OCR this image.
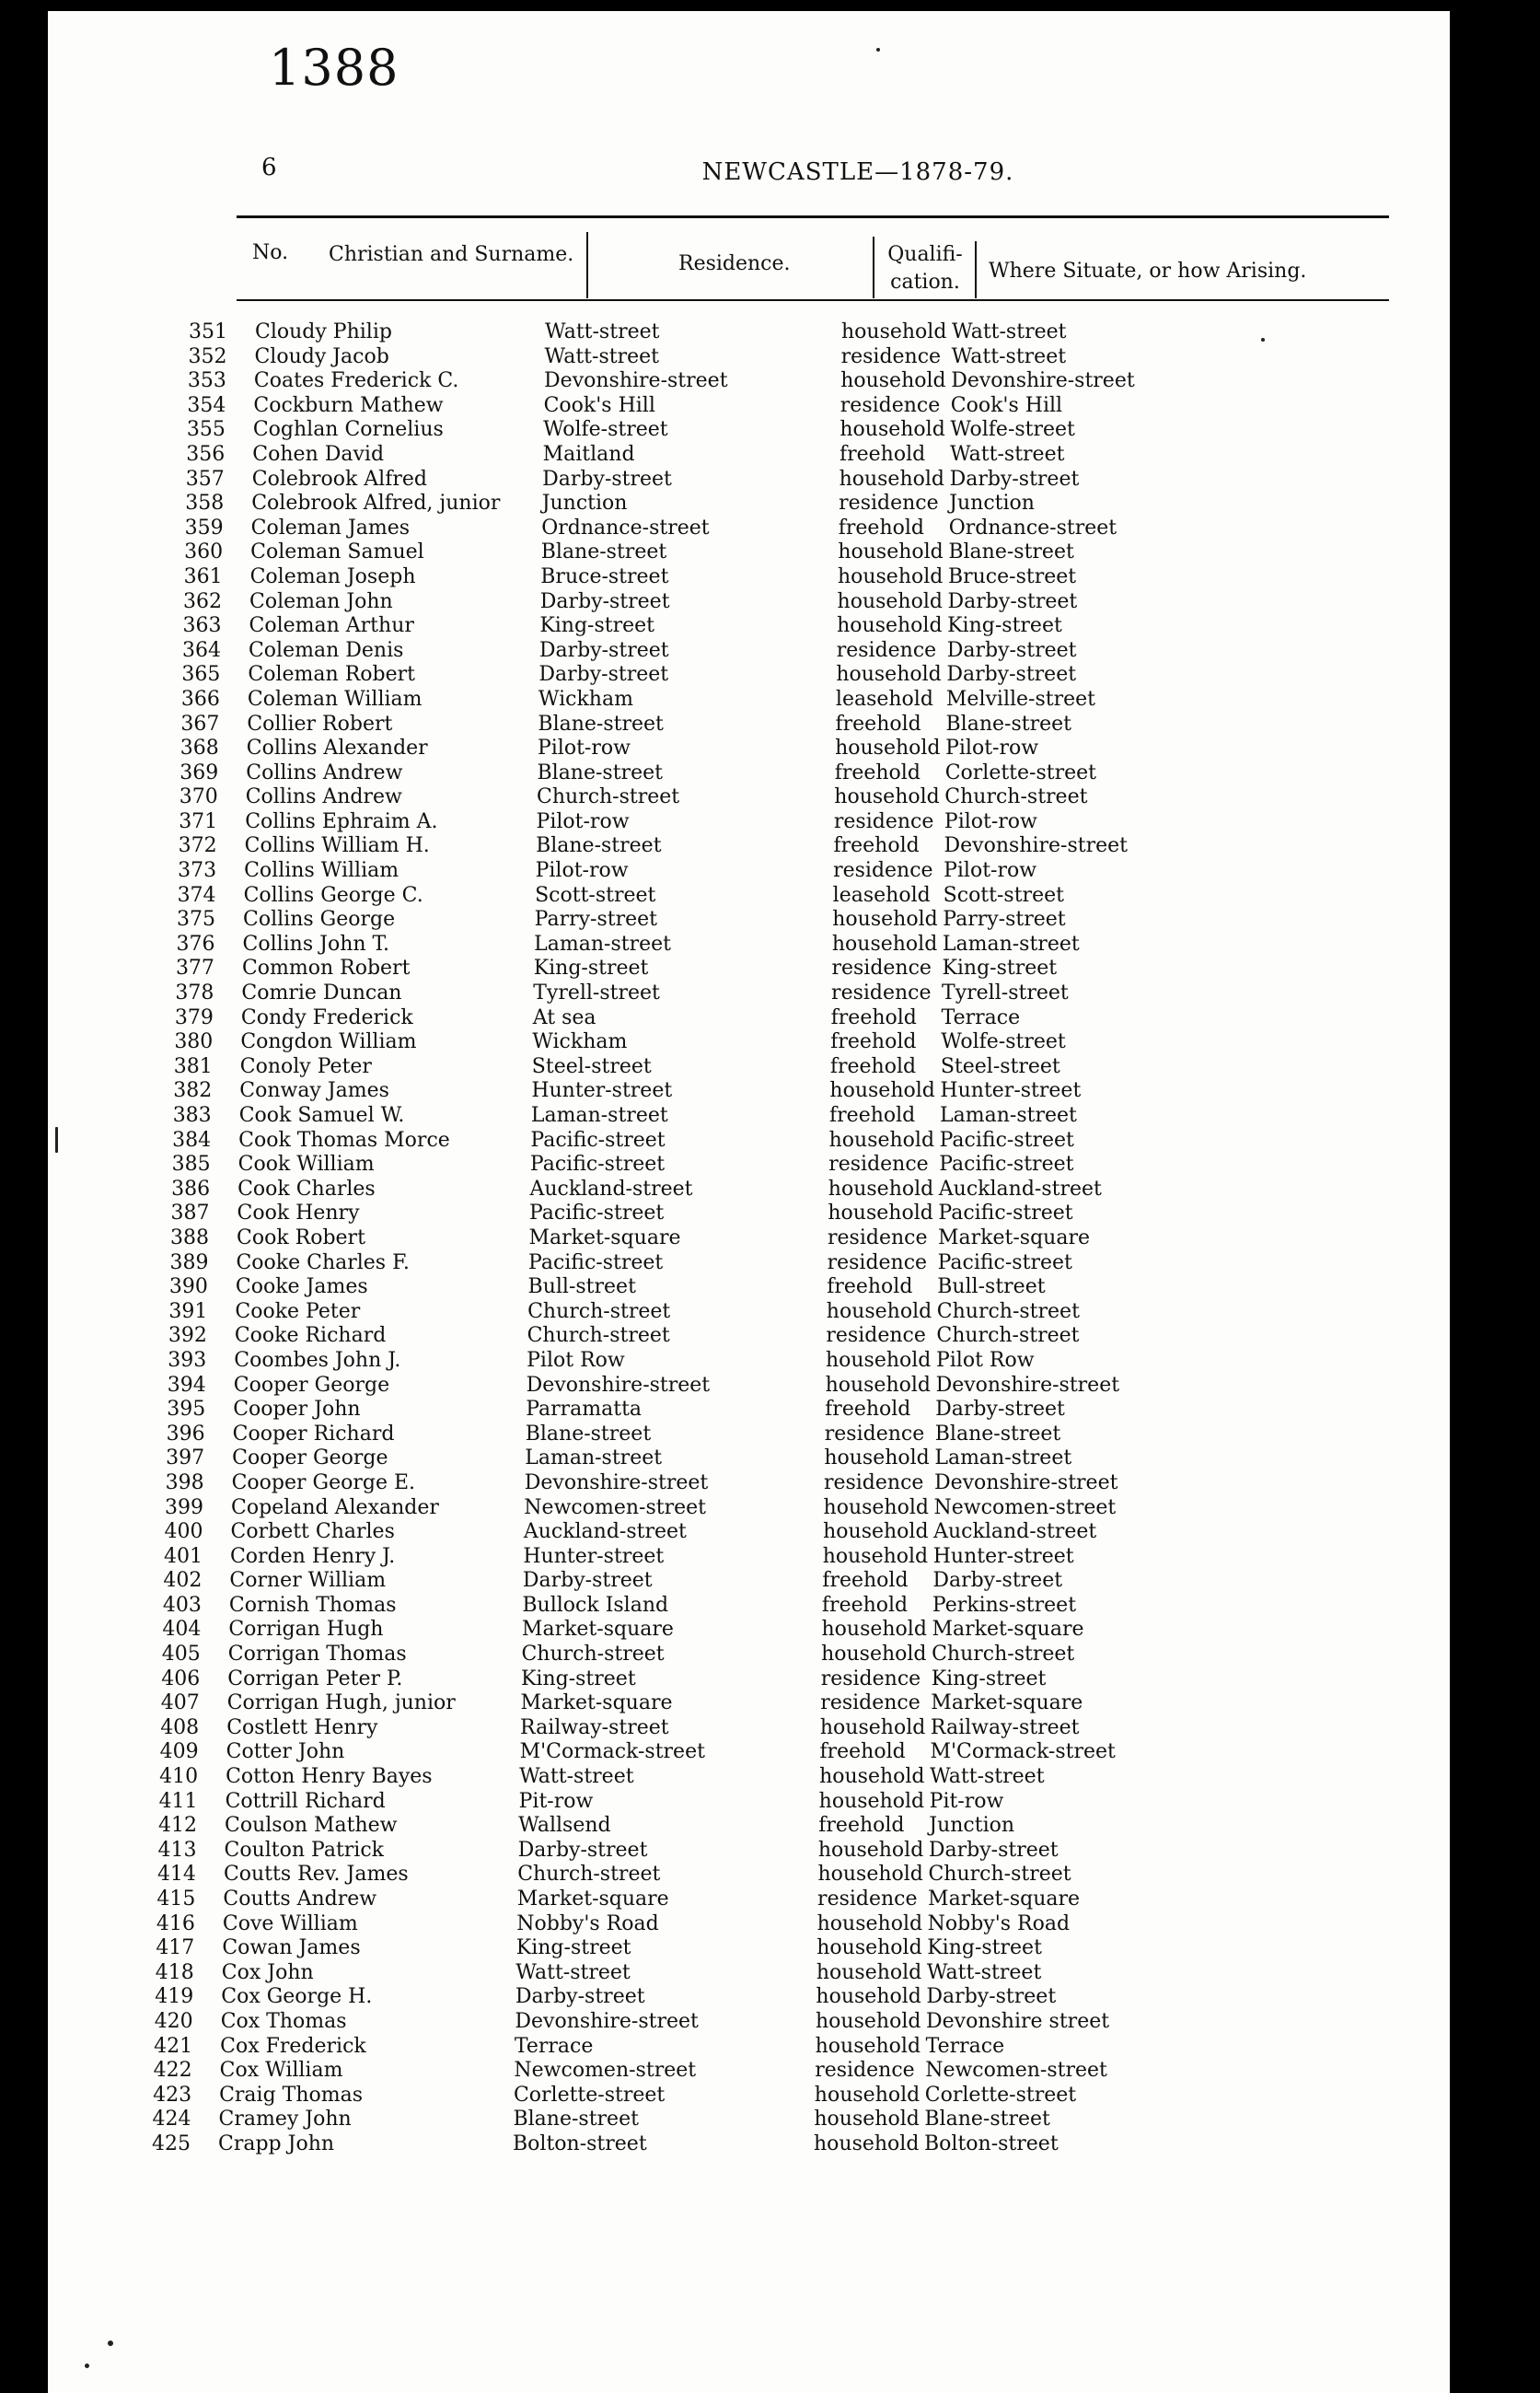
1388
6	NEWCASTLE—1878-79.
No. Christian and Surname.	Residence.	Qualifi-
cation.	Where Situate, or how Arising.
351 Cloudy Philip	Watt-street	household Watt-street
352 Cloudy Jacob	Watt-street	residence Watt-street
353 Coates Frederick C.	Devonshire-street	household Devonshire-street
354 Cockburn Mathew	Cook's Hill	residence Cook's Hill
355 Coghlan Cornelius	Wolfe-street	household Wolfe-street
356 Cohen David	Maitland	freehold Watt-street
357 Colebrook Alfred	Darby-street	household Darby-street
358 Colebrook Alfred, junior Junction	residence Junction
359 Coleman James	Ordnance-street	freehold Ordnance-street
360 Coleman Samuel	Blane-street	household Blane-street
361 Coleman Joseph	Bruce-street	household Bruce-street
362 Coleman John	Darby-street	household Darby-street
363 Coleman Arthur	King-street	household King-street
364 Coleman Denis	Darby-street	residence Darby-street
365 Coleman Robert	Darby-street	household Darby-street
366 Coleman William	Wickham	leasehold Melville-street
367 Collier Robert	Blane-street	freehold Blane-street
368 Collins Alexander	Pilot-row	household Pilot-row
369 Collins Andrew	Blane-street	freehold Corlette-street
370 Collins Andrew	Church-street	household Church-street
371 Collins Ephraim A.	Pilot-row	residence Pilot-row
372 Collins William H.	Blane-street	freehold Devonshire-street
373 Collins William	Pilot-row	residence Pilot-row
374 Collins George C.	Scott-street	leasehold Scott-street
375 Collins George	Parry-street	household Parry-street
376 Collins John T.	Laman-street	household Laman-street
377 Common Robert	King-street	residence King-street
378 Comrie Duncan	Tyrell-street	residence Tyrell-street
379 Condy Frederick	At sea	freehold Terrace
380 Congdon William	Wickham	freehold Wolfe-street
381 Conoly Peter	Steel-street	freehold Steel-street
382 Conway James	Hunter-street	household Hunter-street
383 Cook Samuel W.	Laman-street	freehold Laman-street
384 Cook Thomas Morce	Pacific-street	household Pacific-street
385 Cook William	Pacific-street	residence Pacific-street
386 Cook Charles	Auckland-street	household Auckland-street
387 Cook Henry	Pacific-street	household Pacific-street
388 Cook Robert	Market-square	residence Market-square
389 Cooke Charles F.	Pacific-street	residence Pacific-street
390 Cooke James	Bull-street	freehold Bull-street
391 Cooke Peter	Church-street	household Church-street
392 Cooke Richard	Church-street	residence Church-street
393 Coombes John J.	Pilot Row	household Pilot Row
394 Cooper George	Devonshire-street	household Devonshire-street
395 Cooper John	Parramatta	freehold Darby-street
396 Cooper Richard	Blane-street	residence Blane-street
397 Cooper George	Laman-street	household Laman-street
398 Cooper George E.	Devonshire-street	residence Devonshire-street
399 Copeland Alexander	Newcomen-street	household Newcomen-street
400 Corbett Charles	Auckland-street	household Auckland-street
401 Corden Henry J.	Hunter-street	household Hunter-street
402 Corner William	Darby-street	freehold Darby-street
403 Cornish Thomas	Bullock Island	freehold Perkins-street
404 Corrigan Hugh	Market-square	household Market-square
405 Corrigan Thomas	Church-street	household Church-street
406 Corrigan Peter P.	King-street	residence King-street
407 Corrigan Hugh, junior	Market-square	residence Market-square
408 Costlett Henry	Railway-street	household Railway-street
409 Cotter John	M'Cormack-street	freehold M'Cormack-street
410 Cotton Henry Bayes	Watt-street	household Watt-street
411 Cottrill Richard	Pit-row	household Pit-row
412 Coulson Mathew	Wallsend	freehold Junction
413 Coulton Patrick	Darby-street	household Darby-street
414 Coutts Rev. James	Church-street	household Church-street
415 Coutts Andrew	Market-square	residence Market-square
416 Cove William	Nobby's Road	household Nobby's Road
417 Cowan James	King-street	household King-street
418 Cox John	Watt-street	household Watt-street
419 Cox George H.	Darby-street	household Darby-street
420 Cox Thomas	Devonshire-street	household Devonshire street
421 Cox Frederick	Terrace	household Terrace
422 Cox William	Newcomen-street	residence Newcomen-street
423 Craig Thomas	Corlette-street	household Corlette-street
424 Cramey John	Blane-street	household Blane-street
425 Crapp John	Bolton-street	household Bolton-street
